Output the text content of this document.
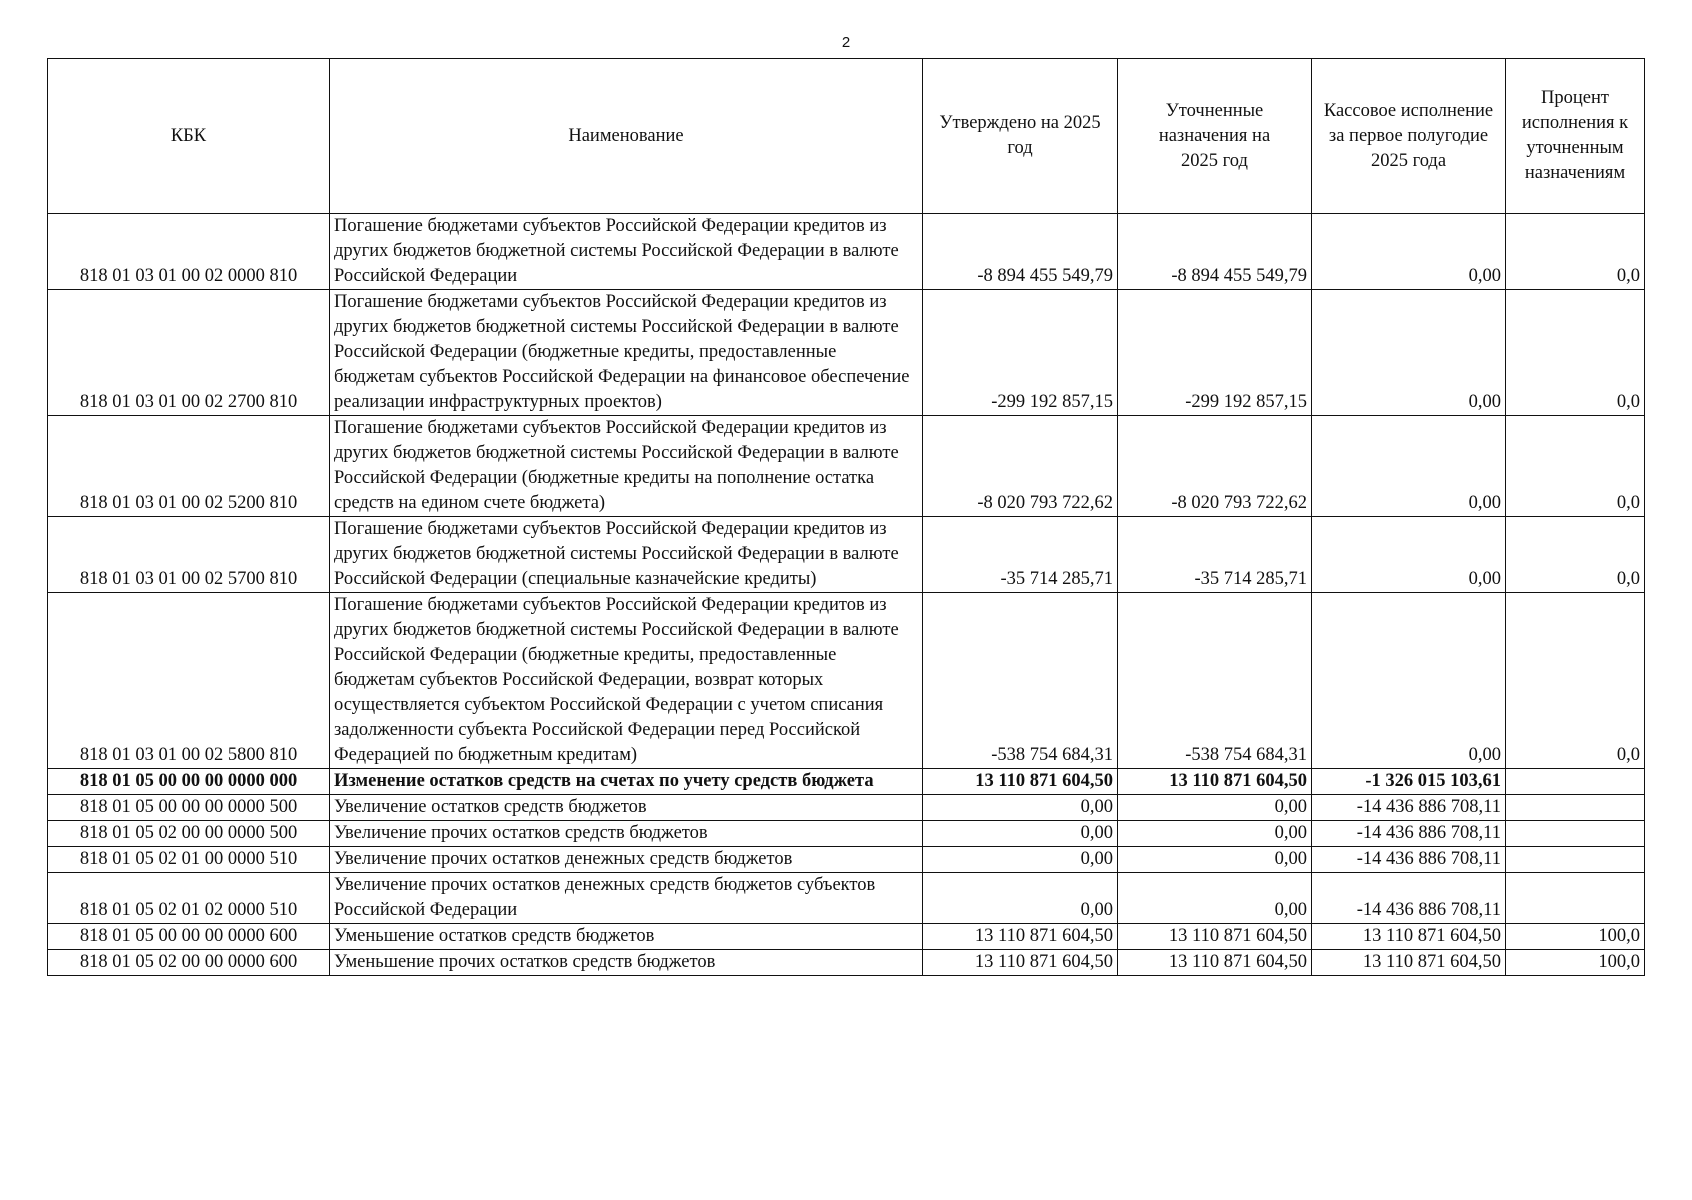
2
КБК	Наименование	Утверждено на 2025 год	Уточненные назначения на 2025 год	Кассовое исполнение за первое полугодие 2025 года	Процент исполнения к уточненным назначениям
818 01 03 01 00 02 0000 810	Погашение бюджетами субъектов Российской Федерации кредитов из других бюджетов бюджетной системы Российской Федерации в валюте Российской Федерации	-8 894 455 549,79	-8 894 455 549,79	0,00	0,0
818 01 03 01 00 02 2700 810	Погашение бюджетами субъектов Российской Федерации кредитов из других бюджетов бюджетной системы Российской Федерации в валюте Российской Федерации (бюджетные кредиты, предоставленные бюджетам субъектов Российской Федерации на финансовое обеспечение реализации инфраструктурных проектов)	-299 192 857,15	-299 192 857,15	0,00	0,0
818 01 03 01 00 02 5200 810	Погашение бюджетами субъектов Российской Федерации кредитов из других бюджетов бюджетной системы Российской Федерации в валюте Российской Федерации (бюджетные кредиты на пополнение остатка средств на едином счете бюджета)	-8 020 793 722,62	-8 020 793 722,62	0,00	0,0
818 01 03 01 00 02 5700 810	Погашение бюджетами субъектов Российской Федерации кредитов из других бюджетов бюджетной системы Российской Федерации в валюте Российской Федерации (специальные казначейские кредиты)	-35 714 285,71	-35 714 285,71	0,00	0,0
818 01 03 01 00 02 5800 810	Погашение бюджетами субъектов Российской Федерации кредитов из других бюджетов бюджетной системы Российской Федерации в валюте Российской Федерации (бюджетные кредиты, предоставленные бюджетам субъектов Российской Федерации, возврат которых осуществляется субъектом Российской Федерации с учетом списания задолженности субъекта Российской Федерации перед Российской Федерацией по бюджетным кредитам)	-538 754 684,31	-538 754 684,31	0,00	0,0
818 01 05 00 00 00 0000 000	Изменение остатков средств на счетах по учету средств бюджета	13 110 871 604,50	13 110 871 604,50	-1 326 015 103,61	
818 01 05 00 00 00 0000 500	Увеличение остатков средств бюджетов	0,00	0,00	-14 436 886 708,11	
818 01 05 02 00 00 0000 500	Увеличение прочих остатков средств бюджетов	0,00	0,00	-14 436 886 708,11	
818 01 05 02 01 00 0000 510	Увеличение прочих остатков денежных средств бюджетов	0,00	0,00	-14 436 886 708,11	
818 01 05 02 01 02 0000 510	Увеличение прочих остатков денежных средств бюджетов субъектов Российской Федерации	0,00	0,00	-14 436 886 708,11	
818 01 05 00 00 00 0000 600	Уменьшение остатков средств бюджетов	13 110 871 604,50	13 110 871 604,50	13 110 871 604,50	100,0
818 01 05 02 00 00 0000 600	Уменьшение прочих остатков средств бюджетов	13 110 871 604,50	13 110 871 604,50	13 110 871 604,50	100,0
